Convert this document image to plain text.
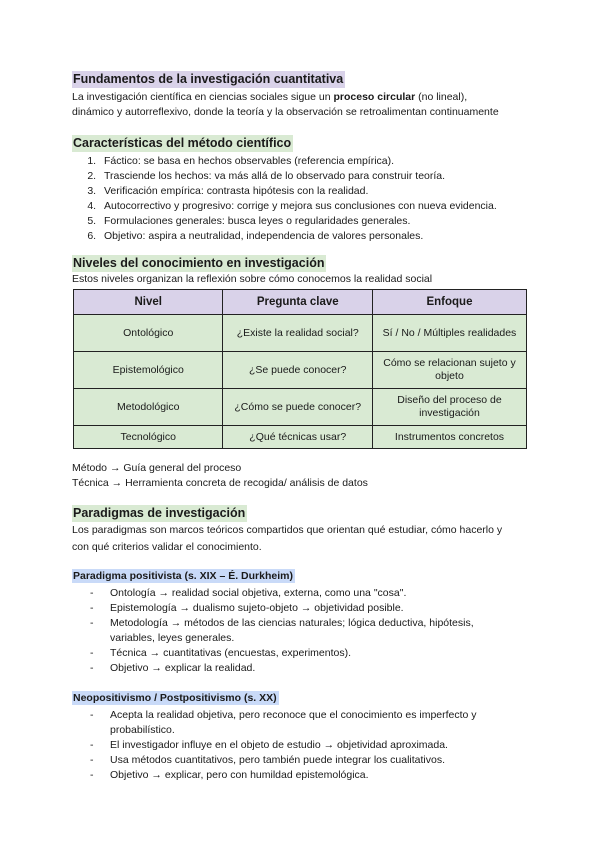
Fundamentos de la investigación cuantitativa

La investigación científica en ciencias sociales sigue un proceso circular (no lineal),
dinámico y autorreflexivo, donde la teoría y la observación se retroalimentan continuamente

Características del método científico
1. Fáctico: se basa en hechos observables (referencia empírica).
2. Trasciende los hechos: va más allá de lo observado para construir teoría.
3. Verificación empírica: contrasta hipótesis con la realidad.
4. Autocorrectivo y progresivo: corrige y mejora sus conclusiones con nueva evidencia.
5. Formulaciones generales: busca leyes o regularidades generales.
6. Objetivo: aspira a neutralidad, independencia de valores personales.
Niveles del conocimiento en investigación

Estos niveles organizan la reflexión sobre cómo conocemos la realidad social

Nivel	Pregunta clave	Enfoque
Ontológico	¿Existe la realidad social?	Sí / No / Múltiples realidades
Epistemológico	¿Se puede conocer?	Cómo se relacionan sujeto y objeto
Metodológico	¿Cómo se puede conocer?	Diseño del proceso de investigación
Tecnológico	¿Qué técnicas usar?	Instrumentos concretos

Método → Guía general del proceso

Técnica → Herramienta concreta de recogida/ análisis de datos

Paradigmas de investigación

Los paradigmas son marcos teóricos compartidos que orientan qué estudiar, cómo hacerlo y
con qué criterios validar el conocimiento.

Paradigma positivista (s. XIX – É. Durkheim)
- Ontología → realidad social objetiva, externa, como una "cosa".
- Epistemología → dualismo sujeto-objeto → objetividad posible.
- Metodología → métodos de las ciencias naturales; lógica deductiva, hipótesis,
variables, leyes generales.
- Técnica → cuantitativas (encuestas, experimentos).
- Objetivo → explicar la realidad.
Neopositivismo / Postpositivismo (s. XX)
- Acepta la realidad objetiva, pero reconoce que el conocimiento es imperfecto y
probabilístico.
- El investigador influye en el objeto de estudio → objetividad aproximada.
- Usa métodos cuantitativos, pero también puede integrar los cualitativos.
- Objetivo → explicar, pero con humildad epistemológica.
